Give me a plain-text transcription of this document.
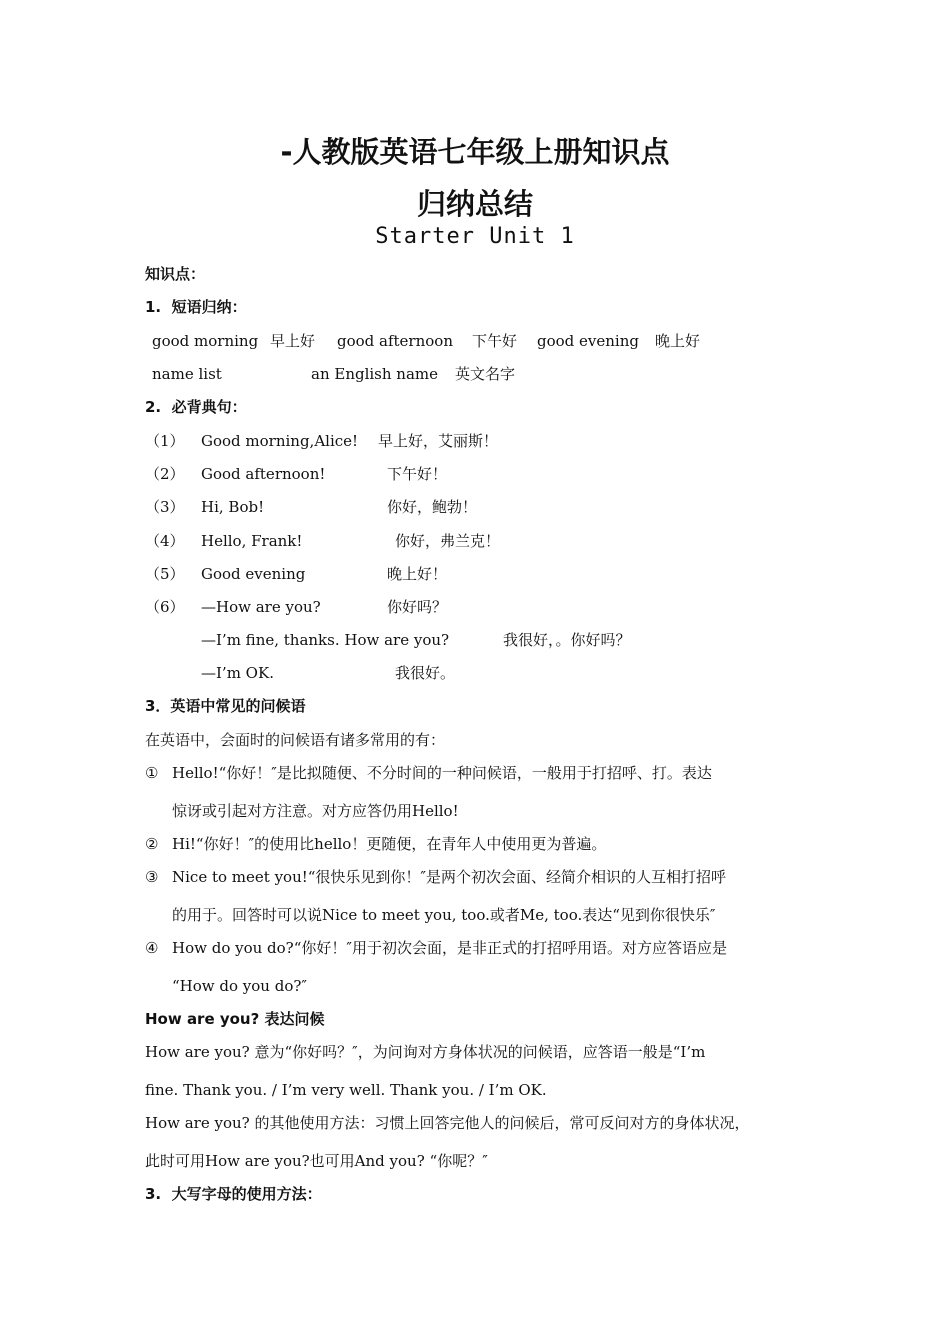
-人教版英语七年级上册知识点
归纳总结
Starter Unit 1
知识点：
1.  短语归纳：
good morning 早上好 good afternoon 下午好 good evening 晚上好
name list	an English name 英文名字
2.  必背典句：
（1） Good morning,Alice! 早上好，艾丽斯！
（2） Good afternoon!	下午好！
（3） Hi, Bob!	你好，鲍勃！
（4） Hello, Frank!	你好，弗兰克！
（5） Good evening	晚上好！
（6） —How are you?	你好吗？
—I’m fine, thanks. How are you?	我很好，。你好吗？
—I’m OK.	我很好。
3．英语中常见的问候语
在英语中，会面时的问候语有诸多常用的有：
① Hello!“你好！″是比拟随便、不分时间的一种问候语，一般用于打招呼、打。表达
惊讶或引起对方注意。对方应答仍用Hello!
② Hi!“你好！″的使用比hello！更随便，在青年人中使用更为普遍。
③ Nice to meet you!“很快乐见到你！″是两个初次会面、经简介相识的人互相打招呼
的用于。回答时可以说Nice to meet you, too.或者Me, too.表达“见到你很快乐″
④ How do you do?“你好！″用于初次会面，是非正式的打招呼用语。对方应答语应是
“How do you do?″
How are you? 表达问候
How are you? 意为“你好吗？″，为问询对方身体状况的问候语，应答语一般是“I’m
fine. Thank you. / I’m very well. Thank you. / I’m OK.
How are you? 的其他使用方法：习惯上回答完他人的问候后，常可反问对方的身体状况，
此时可用How are you?也可用And you? “你呢？″
3.  大写字母的使用方法：
